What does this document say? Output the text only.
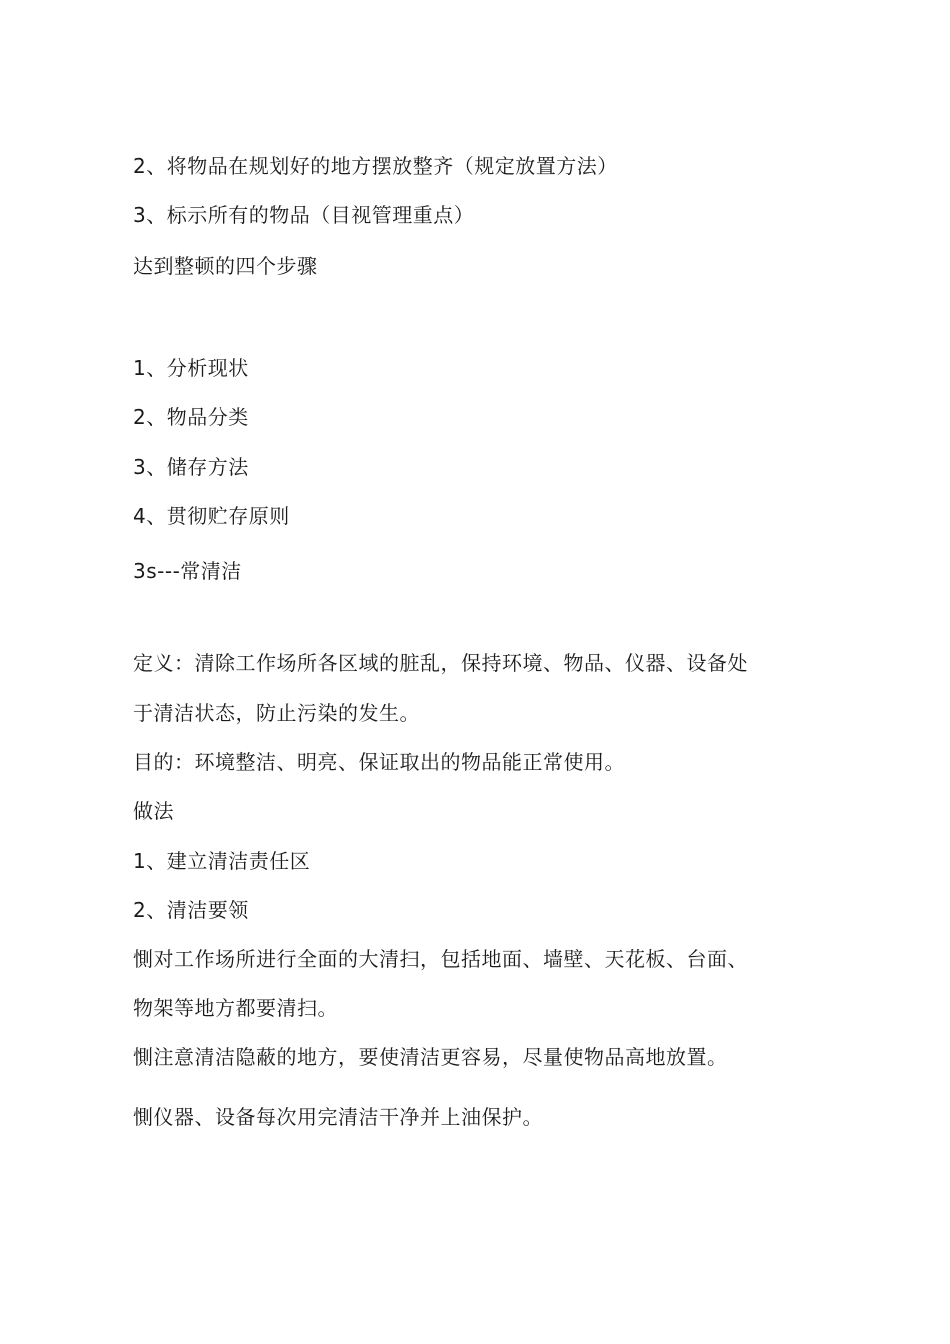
2、将物品在规划好的地方摆放整齐（规定放置方法）
3、标示所有的物品（目视管理重点）
达到整顿的四个步骤
1、分析现状
2、物品分类
3、储存方法
4、贯彻贮存原则
3s---常清洁
定义：清除工作场所各区域的脏乱，保持环境、物品、仪器、设备处
于清洁状态，防止污染的发生。
目的：环境整洁、明亮、保证取出的物品能正常使用。
做法
1、建立清洁责任区
2、清洁要领
惻对工作场所进行全面的大清扫，包括地面、墙壁、天花板、台面、
物架等地方都要清扫。
惻注意清洁隐蔽的地方，要使清洁更容易，尽量使物品高地放置。
惻仪器、设备每次用完清洁干净并上油保护。
